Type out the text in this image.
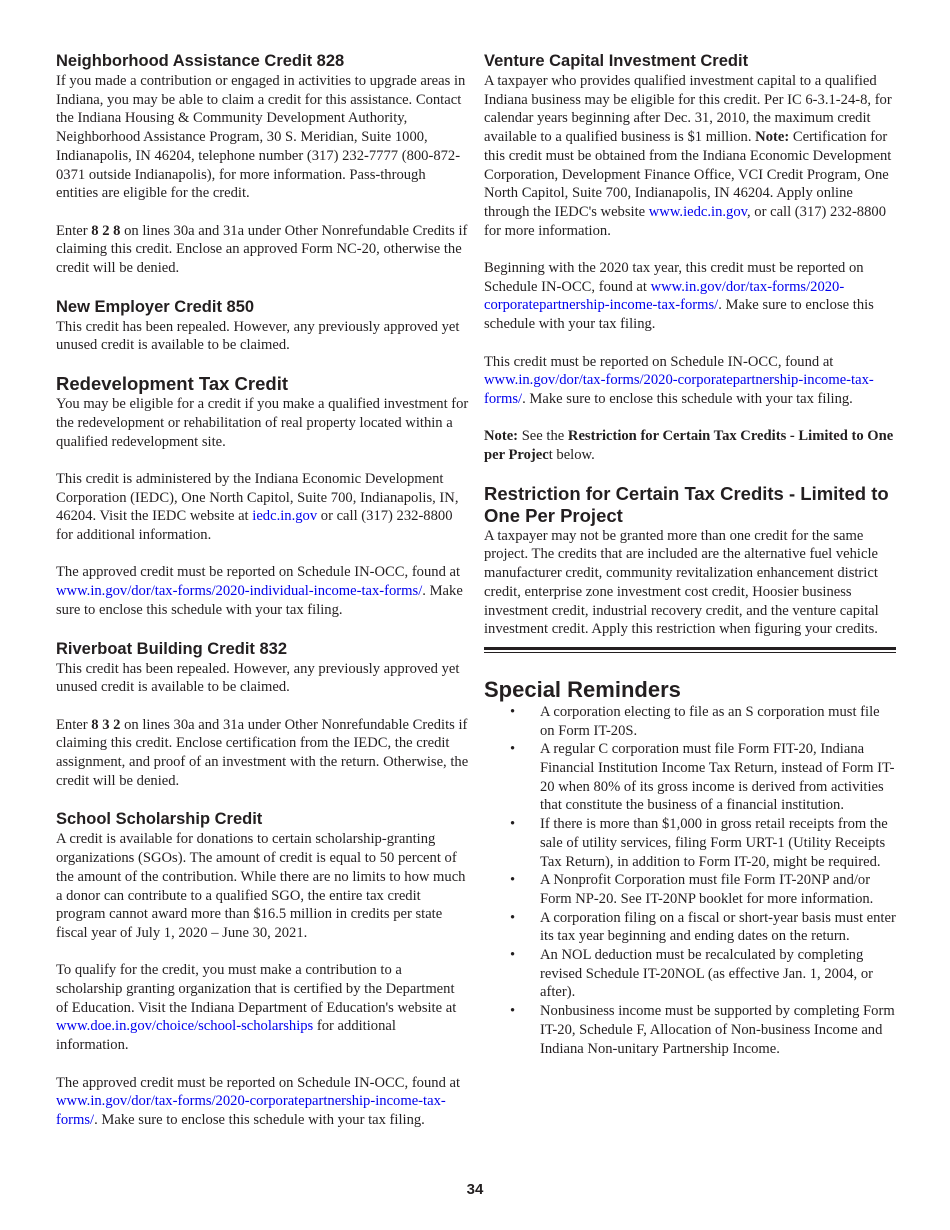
Neighborhood Assistance Credit 828

If you made a contribution or engaged in activities to upgrade areas in Indiana, you may be able to claim a credit for this assistance. Contact the Indiana Housing & Community Development Authority, Neighborhood Assistance Program, 30 S. Meridian, Suite 1000, Indianapolis, IN 46204, telephone number (317) 232-7777 (800-872-0371 outside Indianapolis), for more information. Pass-through entities are eligible for the credit.

Enter 8 2 8 on lines 30a and 31a under Other Nonrefundable Credits if claiming this credit. Enclose an approved Form NC-20, otherwise the credit will be denied.

New Employer Credit 850

This credit has been repealed. However, any previously approved yet unused credit is available to be claimed.

Redevelopment Tax Credit

You may be eligible for a credit if you make a qualified investment for the redevelopment or rehabilitation of real property located within a qualified redevelopment site.

This credit is administered by the Indiana Economic Development Corporation (IEDC), One North Capitol, Suite 700, Indianapolis, IN, 46204. Visit the IEDC website at iedc.in.gov or call (317) 232-8800 for additional information.

The approved credit must be reported on Schedule IN-OCC, found at www.in.gov/dor/tax-forms/2020-individual-income-tax-forms/. Make sure to enclose this schedule with your tax filing.

Riverboat Building Credit 832

This credit has been repealed. However, any previously approved yet unused credit is available to be claimed.

Enter 8 3 2 on lines 30a and 31a under Other Nonrefundable Credits if claiming this credit. Enclose certification from the IEDC, the credit assignment, and proof of an investment with the return. Otherwise, the credit will be denied.

School Scholarship Credit

A credit is available for donations to certain scholarship-granting organizations (SGOs). The amount of credit is equal to 50 percent of the amount of the contribution. While there are no limits to how much a donor can contribute to a qualified SGO, the entire tax credit program cannot award more than $16.5 million in credits per state fiscal year of July 1, 2020 – June 30, 2021.

To qualify for the credit, you must make a contribution to a scholarship granting organization that is certified by the Department of Education. Visit the Indiana Department of Education's website at www.doe.in.gov/choice/school-scholarships for additional information.

The approved credit must be reported on Schedule IN-OCC, found at www.in.gov/dor/tax-forms/2020-corporatepartnership-income-tax-forms/. Make sure to enclose this schedule with your tax filing.

Venture Capital Investment Credit

A taxpayer who provides qualified investment capital to a qualified Indiana business may be eligible for this credit. Per IC 6-3.1-24-8, for calendar years beginning after Dec. 31, 2010, the maximum credit available to a qualified business is $1 million. Note: Certification for this credit must be obtained from the Indiana Economic Development Corporation, Development Finance Office, VCI Credit Program, One North Capitol, Suite 700, Indianapolis, IN 46204. Apply online through the IEDC's website www.iedc.in.gov, or call (317) 232-8800 for more information.

Beginning with the 2020 tax year, this credit must be reported on Schedule IN-OCC, found at www.in.gov/dor/tax-forms/2020-corporatepartnership-income-tax-forms/. Make sure to enclose this schedule with your tax filing.

This credit must be reported on Schedule IN-OCC, found at www.in.gov/dor/tax-forms/2020-corporatepartnership-income-tax-forms/. Make sure to enclose this schedule with your tax filing.

Note: See the Restriction for Certain Tax Credits - Limited to One per Project below.

Restriction for Certain Tax Credits - Limited to One Per Project

A taxpayer may not be granted more than one credit for the same project. The credits that are included are the alternative fuel vehicle manufacturer credit, community revitalization enhancement district credit, enterprise zone investment cost credit, Hoosier business investment credit, industrial recovery credit, and the venture capital investment credit. Apply this restriction when figuring your credits.

Special Reminders
• A corporation electing to file as an S corporation must file on Form IT-20S.
• A regular C corporation must file Form FIT-20, Indiana Financial Institution Income Tax Return, instead of Form IT-20 when 80% of its gross income is derived from activities that constitute the business of a financial institution.
• If there is more than $1,000 in gross retail receipts from the sale of utility services, filing Form URT-1 (Utility Receipts Tax Return), in addition to Form IT-20, might be required.
• A Nonprofit Corporation must file Form IT-20NP and/or Form NP-20. See IT-20NP booklet for more information.
• A corporation filing on a fiscal or short-year basis must enter its tax year beginning and ending dates on the return.
• An NOL deduction must be recalculated by completing revised Schedule IT-20NOL (as effective Jan. 1, 2004, or after).
• Nonbusiness income must be supported by completing Form IT-20, Schedule F, Allocation of Non-business Income and Indiana Non-unitary Partnership Income.
34
